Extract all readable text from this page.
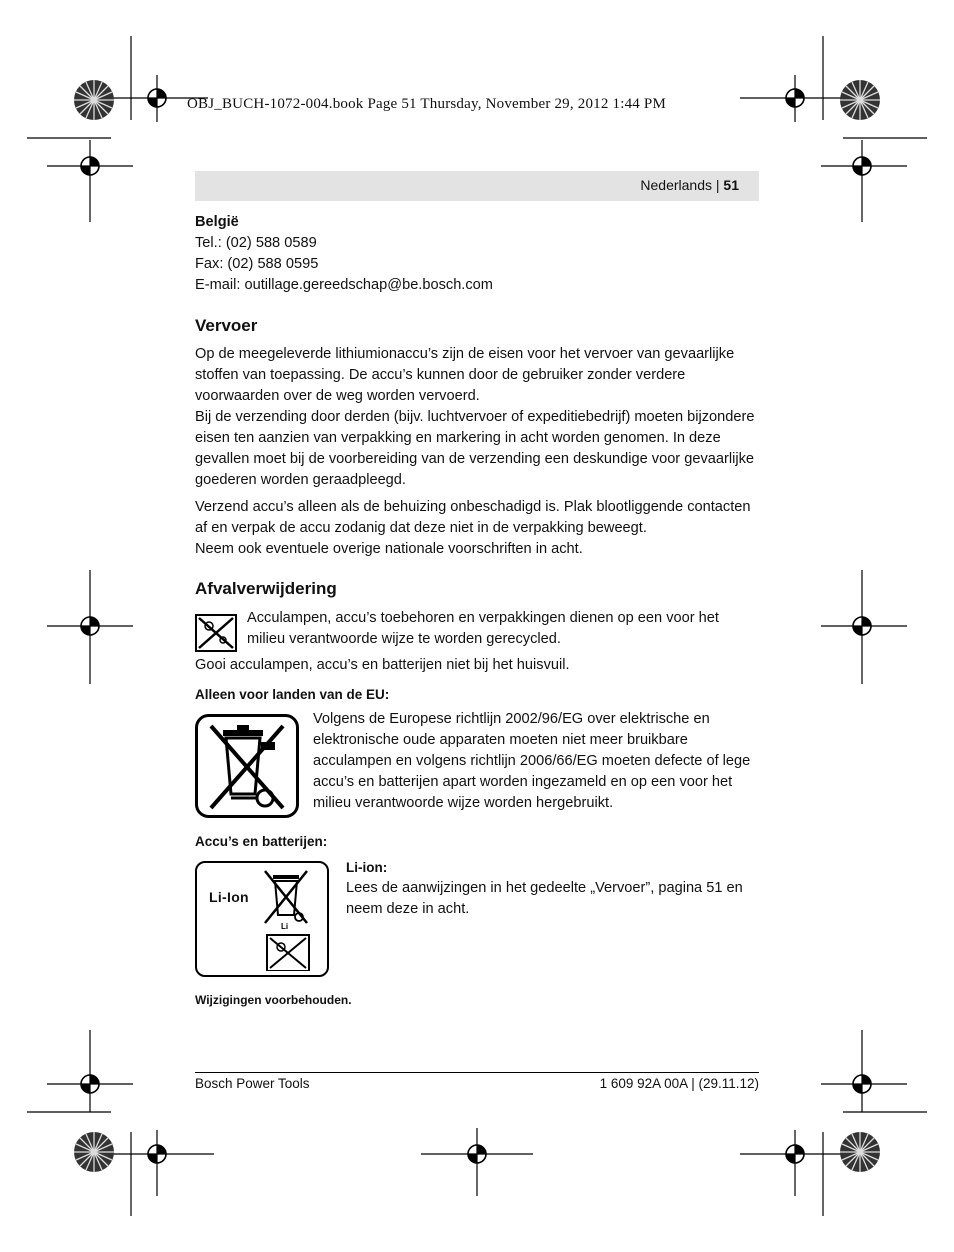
OBJ_BUCH-1072-004.book Page 51 Thursday, November 29, 2012 1:44 PM
Nederlands | 51

België

Tel.: (02) 588 0589

Fax: (02) 588 0595

E-mail: outillage.gereedschap@be.bosch.com

Vervoer

Op de meegeleverde lithiumionaccu’s zijn de eisen voor het vervoer van gevaarlijke stoffen van toepassing. De accu’s kunnen door de gebruiker zonder verdere voorwaarden over de weg worden vervoerd.

Bij de verzending door derden (bijv. luchtvervoer of expeditiebedrijf) moeten bijzondere eisen ten aanzien van verpakking en markering in acht worden genomen. In deze gevallen moet bij de voorbereiding van de verzending een deskundige voor gevaarlijke goederen worden geraadpleegd.

Verzend accu’s alleen als de behuizing onbeschadigd is. Plak blootliggende contacten af en verpak de accu zodanig dat deze niet in de verpakking beweegt.

Neem ook eventuele overige nationale voorschriften in acht.

Afvalverwijdering
Acculampen, accu’s toebehoren en verpakkingen dienen op een voor het milieu verantwoorde wijze te worden gerecycled.
Gooi acculampen, accu’s en batterijen niet bij het huisvuil.
Alleen voor landen van de EU:
Volgens de Europese richtlijn 2002/96/EG over elektrische en elektronische oude apparaten moeten niet meer bruikbare acculampen en volgens richtlijn 2006/66/EG moeten defecte of lege accu’s en batterijen apart worden ingezameld en op een voor het milieu verantwoorde wijze worden hergebruikt.
Accu’s en batterijen:
Li-Ion
Li

Li-ion:

Lees de aanwijzingen in het gedeelte „Vervoer”, pagina 51 en neem deze in acht.

Wijzigingen voorbehouden.
Bosch Power Tools	1 609 92A 00A | (29.11.12)
